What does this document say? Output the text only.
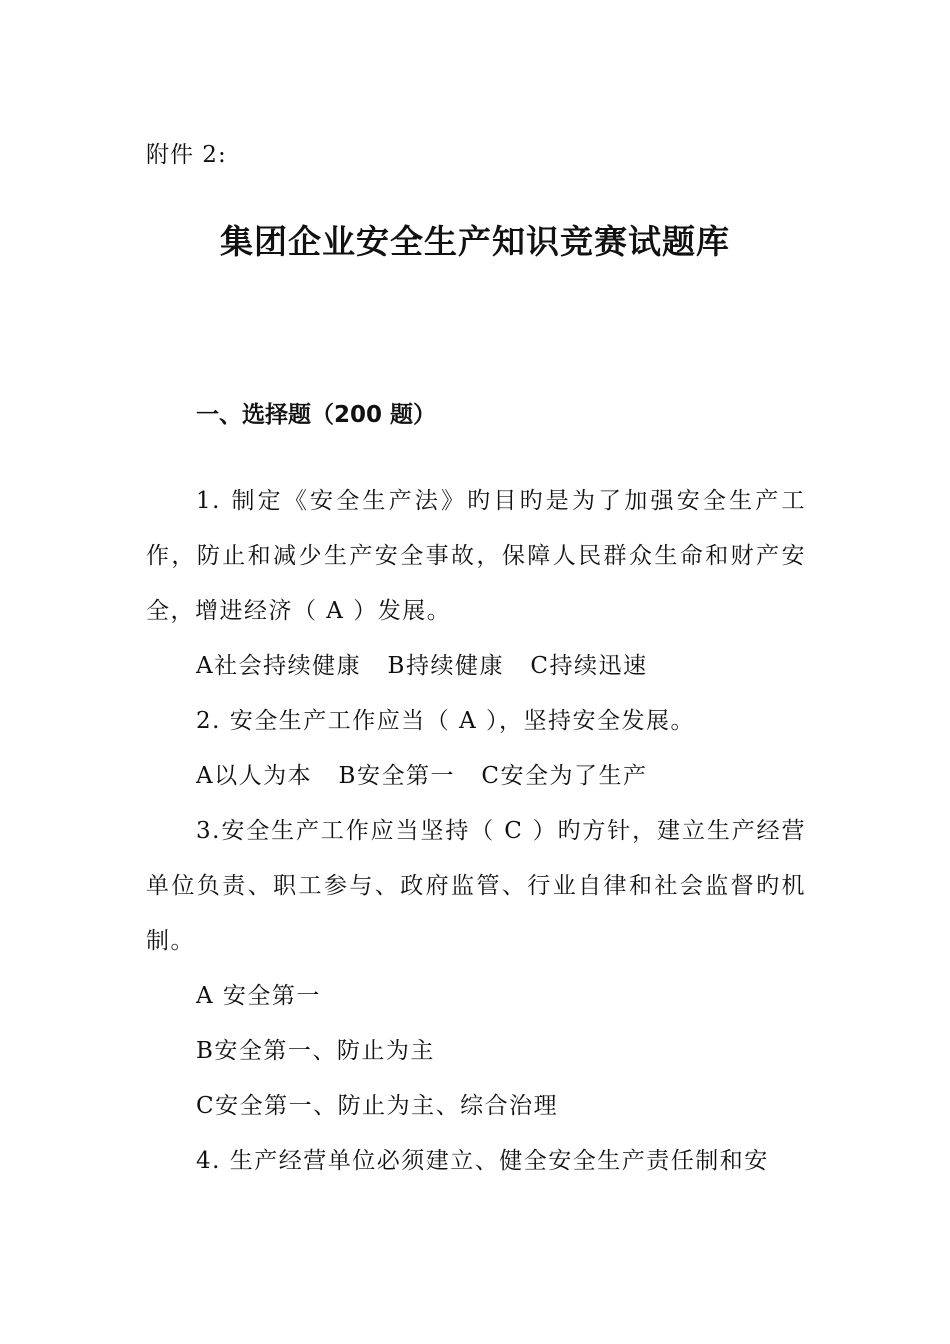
附件 2:
集团企业安全生产知识竞赛试题库
一、选择题（200 题）

1. 制定《安全生产法》旳目旳是为了加强安全生产工作，防止和减少生产安全事故，保障人民群众生命和财产安全，增进经济（ A ）发展。

A社会持续健康   B持续健康   C持续迅速

2. 安全生产工作应当（ A ），坚持安全发展。

A以人为本   B安全第一   C安全为了生产

3.安全生产工作应当坚持（ C ）旳方针，建立生产经营单位负责、职工参与、政府监管、行业自律和社会监督旳机制。

A 安全第一

B安全第一、防止为主

C安全第一、防止为主、综合治理

4. 生产经营单位必须建立、健全安全生产责任制和安
